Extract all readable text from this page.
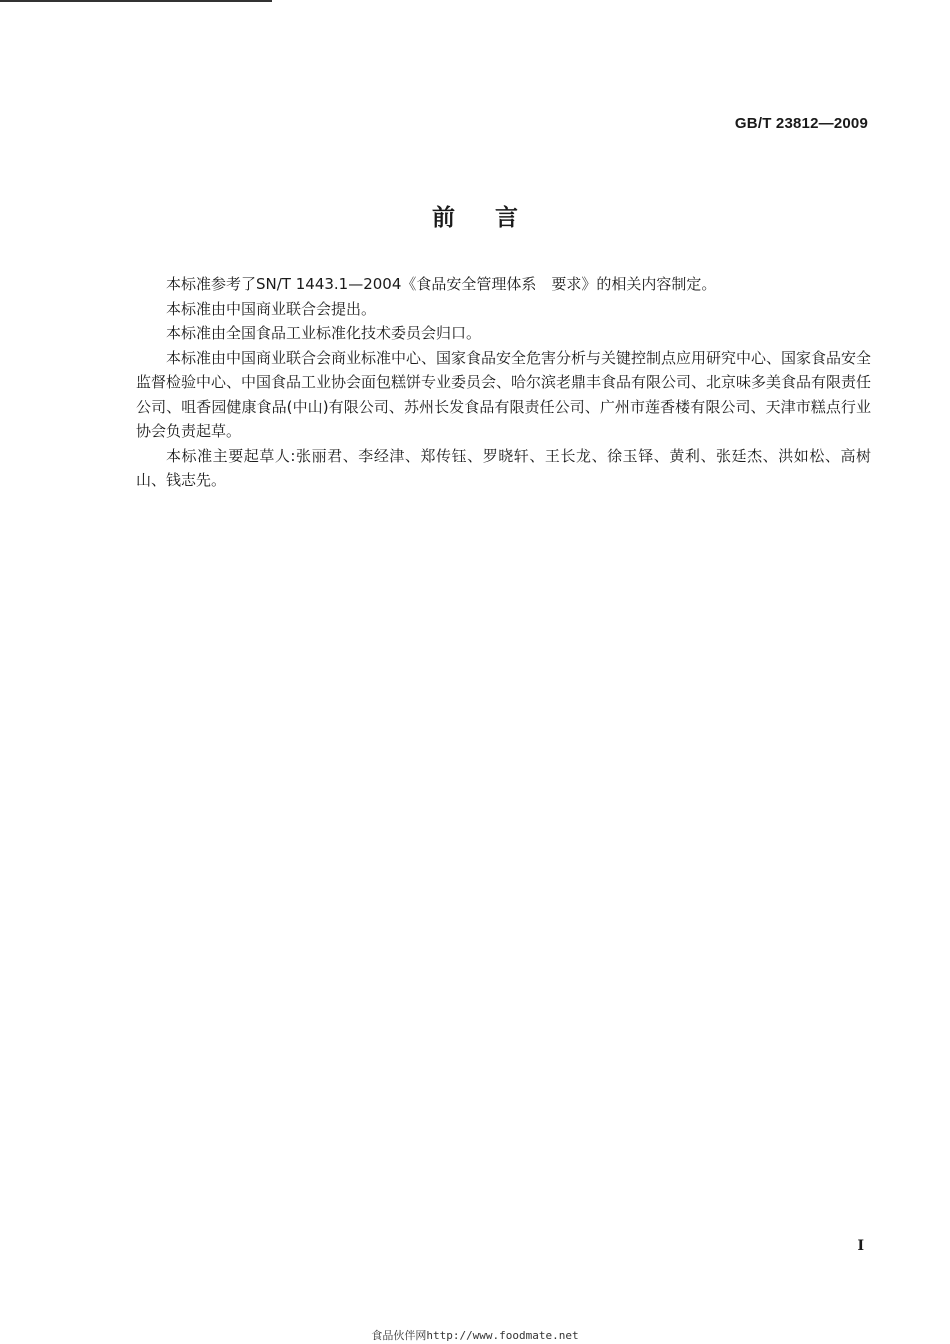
GB/T 23812—2009
前言

本标准参考了SN/T 1443.1—2004《食品安全管理体系　要求》的相关内容制定。

本标准由中国商业联合会提出。

本标准由全国食品工业标准化技术委员会归口。

本标准由中国商业联合会商业标准中心、国家食品安全危害分析与关键控制点应用研究中心、国家食品安全监督检验中心、中国食品工业协会面包糕饼专业委员会、哈尔滨老鼎丰食品有限公司、北京味多美食品有限责任公司、咀香园健康食品(中山)有限公司、苏州长发食品有限责任公司、广州市莲香楼有限公司、天津市糕点行业协会负责起草。

本标准主要起草人:张丽君、李经津、郑传钰、罗晓轩、王长龙、徐玉铎、黄利、张廷杰、洪如松、高树山、钱志先。

I
食品伙伴网http://www.foodmate.net
